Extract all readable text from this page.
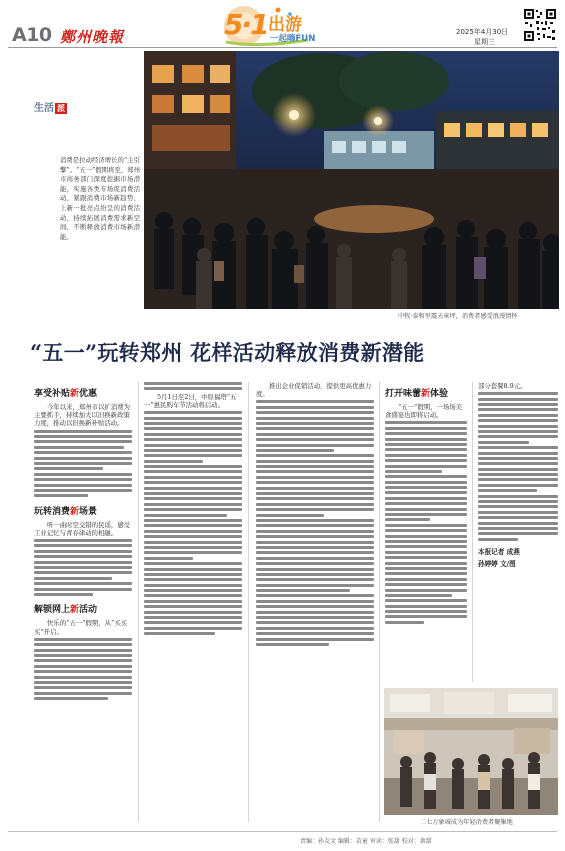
A10 鄭州晚報	5·1 出游
一起嗨FUN
2025年4月30日
星期三
生活 派
消费是拉动经济增长的“主引擎”。“五一”假期将至，郑州市商务部门深度挖掘市场潜能，实施各类专场促消费活动，紧跟消费市场新趋势，上新一批亮点纷呈的消费活动，持续拓展消费需求新空间，不断释放消费市场新潜能。
中牧·泰和里震天章坪，消费者感受浪漫情怀
“五一”玩转郑州 花样活动释放消费新潜能
享受补贴新优惠
今年以来，郑州市以扩消费为主要抓手，持续加大以旧换新政策力度，推动以旧换新补贴活动。
玩转消费新场景
听一曲时空交错的民谣，感受工业记忆与青春律动的相融。
解锁网上新活动
快乐的“五一”假期，从“买买买”开启。
5月1日至2日，中原福塔“五一”惠民购车节活动将启动。
推出企业促销活动，提供更高优惠力度。	打开味蕾新体验
“五一”假期，一场场美食盛宴也即将启动。
部分套餐8.9元。
本报记者 成燕
孙婷婷 文/图
二七万象城成为年轻消费者聚集地
责编：孙友文 编辑：苗童 审读：张甜 校对：萧甜
